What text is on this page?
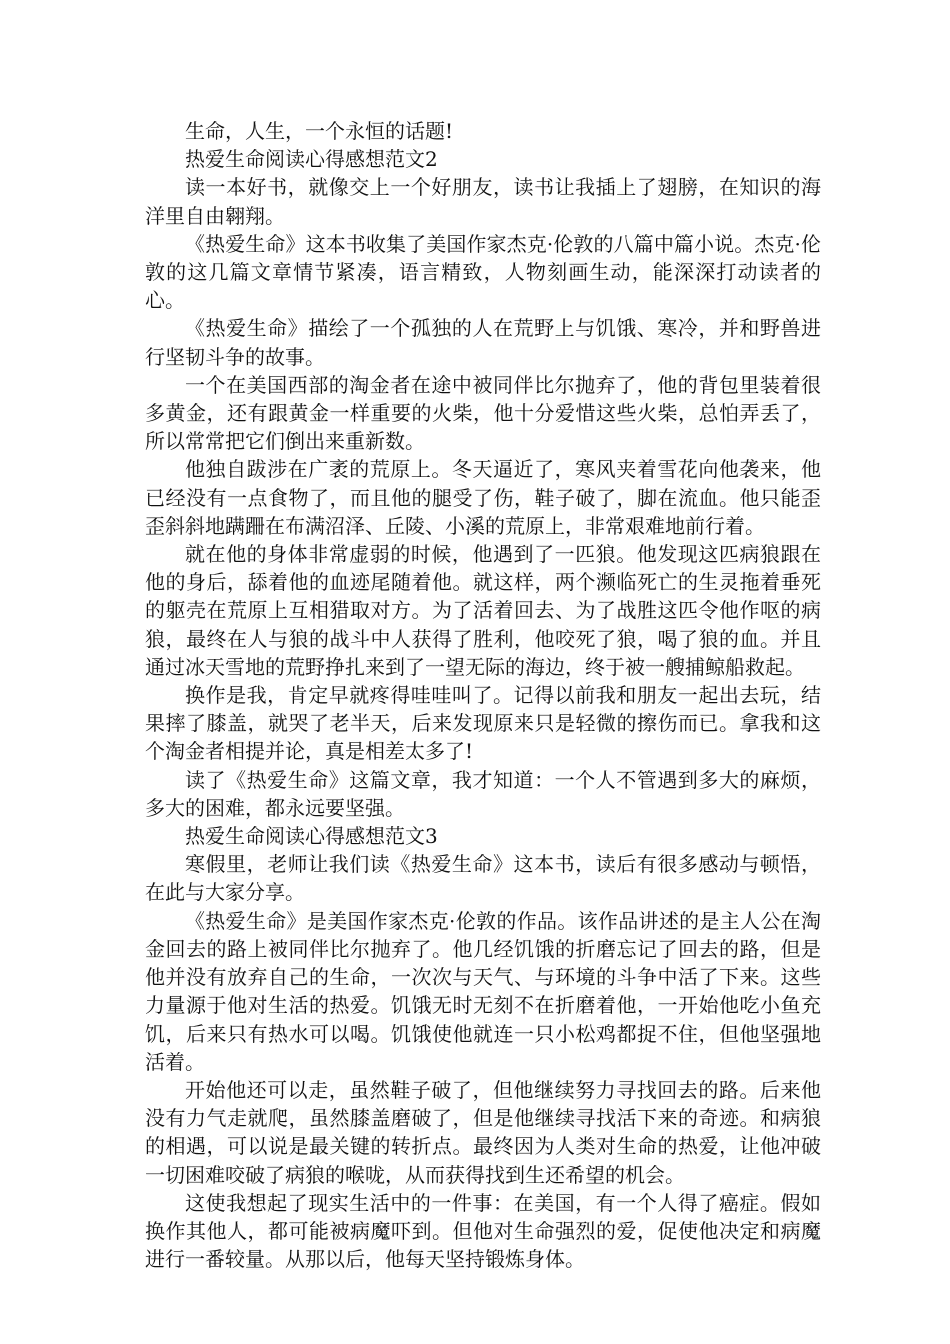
生命，人生，一个永恒的话题!

热爱生命阅读心得感想范文2

读一本好书，就像交上一个好朋友，读书让我插上了翅膀，在知识的海洋里自由翱翔。

《热爱生命》这本书收集了美国作家杰克·伦敦的八篇中篇小说。杰克·伦敦的这几篇文章情节紧凑，语言精致，人物刻画生动，能深深打动读者的心。

《热爱生命》描绘了一个孤独的人在荒野上与饥饿、寒冷，并和野兽进行坚韧斗争的故事。

一个在美国西部的淘金者在途中被同伴比尔抛弃了，他的背包里装着很多黄金，还有跟黄金一样重要的火柴，他十分爱惜这些火柴，总怕弄丢了，所以常常把它们倒出来重新数。

他独自跋涉在广袤的荒原上。冬天逼近了，寒风夹着雪花向他袭来，他已经没有一点食物了，而且他的腿受了伤，鞋子破了，脚在流血。他只能歪歪斜斜地蹒跚在布满沼泽、丘陵、小溪的荒原上，非常艰难地前行着。

就在他的身体非常虚弱的时候，他遇到了一匹狼。他发现这匹病狼跟在他的身后，舔着他的血迹尾随着他。就这样，两个濒临死亡的生灵拖着垂死的躯壳在荒原上互相猎取对方。为了活着回去、为了战胜这匹令他作呕的病狼，最终在人与狼的战斗中人获得了胜利，他咬死了狼，喝了狼的血。并且通过冰天雪地的荒野挣扎来到了一望无际的海边，终于被一艘捕鲸船救起。

换作是我，肯定早就疼得哇哇叫了。记得以前我和朋友一起出去玩，结果摔了膝盖，就哭了老半天，后来发现原来只是轻微的擦伤而已。拿我和这个淘金者相提并论，真是相差太多了!

读了《热爱生命》这篇文章，我才知道：一个人不管遇到多大的麻烦，多大的困难，都永远要坚强。

热爱生命阅读心得感想范文3

寒假里，老师让我们读《热爱生命》这本书，读后有很多感动与顿悟，在此与大家分享。

《热爱生命》是美国作家杰克·伦敦的作品。该作品讲述的是主人公在淘金回去的路上被同伴比尔抛弃了。他几经饥饿的折磨忘记了回去的路，但是他并没有放弃自己的生命，一次次与天气、与环境的斗争中活了下来。这些力量源于他对生活的热爱。饥饿无时无刻不在折磨着他，一开始他吃小鱼充饥，后来只有热水可以喝。饥饿使他就连一只小松鸡都捉不住，但他坚强地活着。

开始他还可以走，虽然鞋子破了，但他继续努力寻找回去的路。后来他没有力气走就爬，虽然膝盖磨破了，但是他继续寻找活下来的奇迹。和病狼的相遇，可以说是最关键的转折点。最终因为人类对生命的热爱，让他冲破一切困难咬破了病狼的喉咙，从而获得找到生还希望的机会。

这使我想起了现实生活中的一件事：在美国，有一个人得了癌症。假如换作其他人，都可能被病魔吓到。但他对生命强烈的爱，促使他决定和病魔进行一番较量。从那以后，他每天坚持锻炼身体。
